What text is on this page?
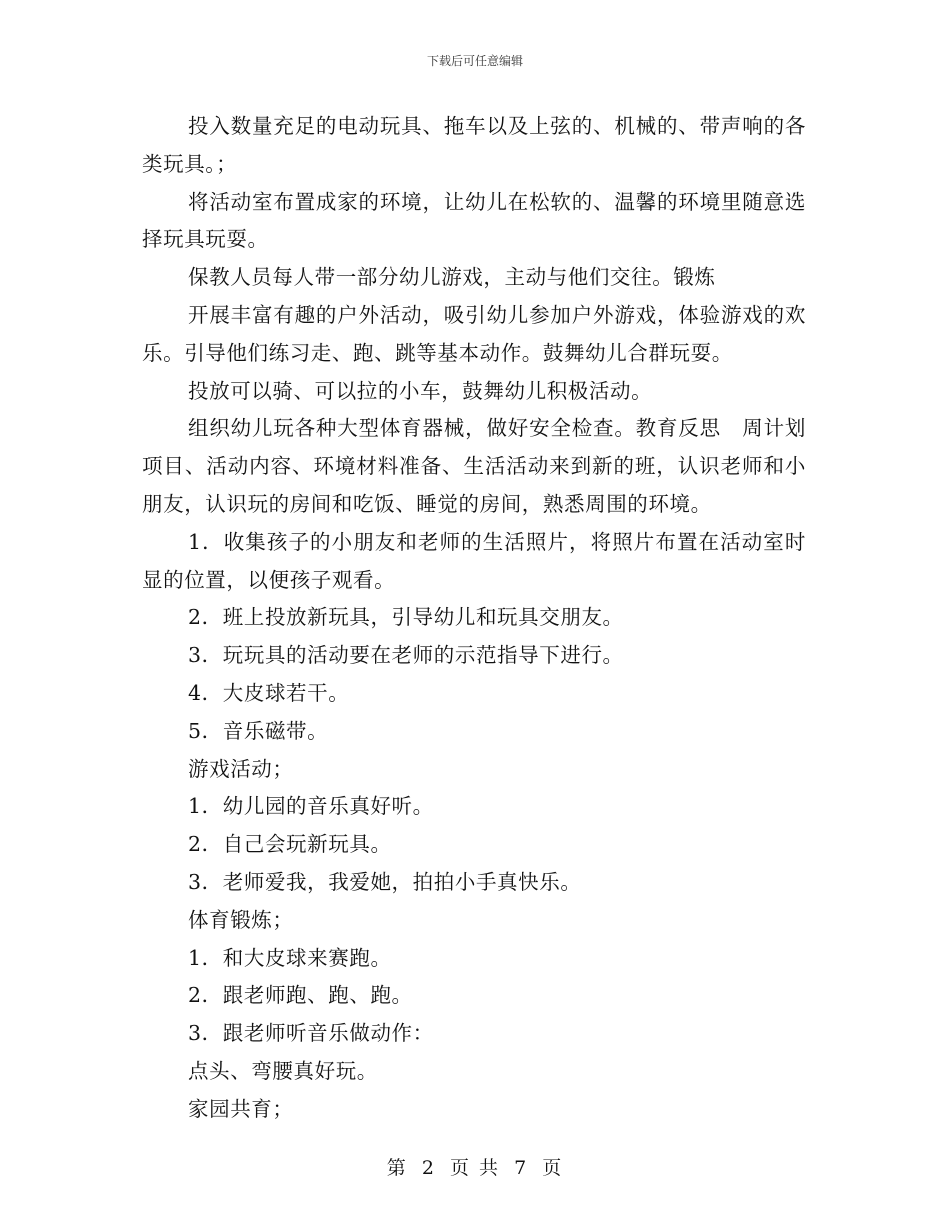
下载后可任意编辑

投入数量充足的电动玩具、拖车以及上弦的、机械的、带声响的各类玩具。；

将活动室布置成家的环境，让幼儿在松软的、温馨的环境里随意选择玩具玩耍。

保教人员每人带一部分幼儿游戏，主动与他们交往。锻炼

开展丰富有趣的户外活动，吸引幼儿参加户外游戏，体验游戏的欢乐。引导他们练习走、跑、跳等基本动作。鼓舞幼儿合群玩耍。

投放可以骑、可以拉的小车，鼓舞幼儿积极活动。

组织幼儿玩各种大型体育器械，做好安全检查。教育反思　周计划项目、活动内容、环境材料准备、生活活动来到新的班，认识老师和小朋友，认识玩的房间和吃饭、睡觉的房间，熟悉周围的环境。

1．收集孩子的小朋友和老师的生活照片，将照片布置在活动室时显的位置，以便孩子观看。

2．班上投放新玩具，引导幼儿和玩具交朋友。

3．玩玩具的活动要在老师的示范指导下进行。

4．大皮球若干。

5．音乐磁带。

游戏活动；

1．幼儿园的音乐真好听。

2．自己会玩新玩具。

3．老师爱我，我爱她，拍拍小手真快乐。

体育锻炼；

1．和大皮球来赛跑。

2．跟老师跑、跑、跑。

3．跟老师听音乐做动作：

点头、弯腰真好玩。

家园共育；

第 2 页 共 7 页
